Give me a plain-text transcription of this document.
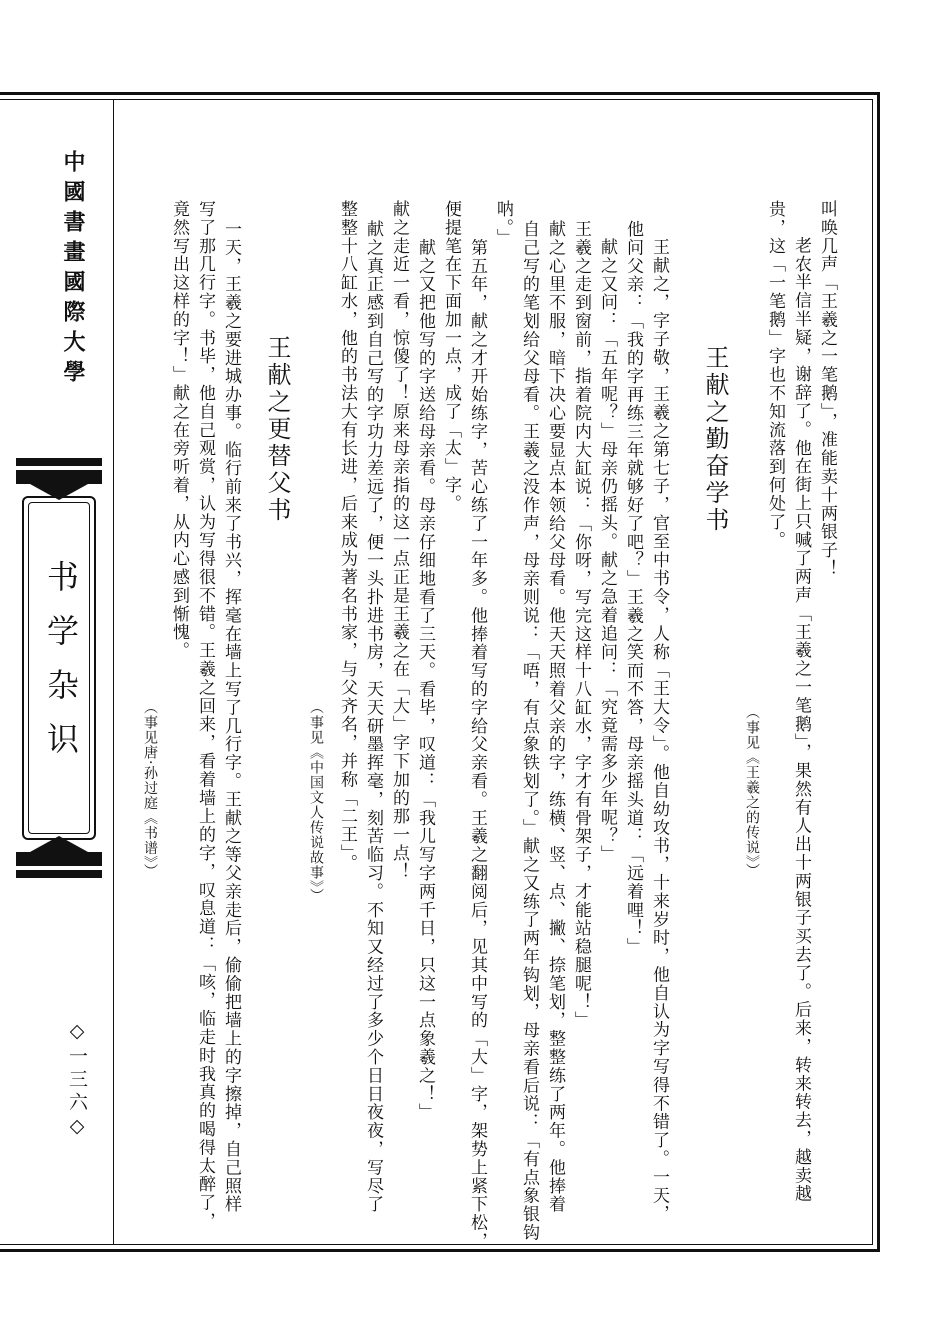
中國書畫國際大學
书学杂识
◇一三六◇
叫唤几声「王羲之一笔鹅」，准能卖十两银子！
　老农半信半疑，谢辞了。他在街上只喊了两声「王羲之一笔鹅」，果然有人出十两银子买去了。后来，转来转去，越卖越
贵，这「一笔鹅」字也不知流落到何处了。
（事见《王羲之的传说》）
王献之勤奋学书
王献之，字子敬，王羲之第七子，官至中书令，人称「王大令」。他自幼攻书，十来岁时，他自认为字写得不错了。一天，
他问父亲：「我的字再练三年就够好了吧？」王羲之笑而不答，母亲摇头道：「远着哩！」
献之又问：「五年呢？」母亲仍摇头。献之急着追问：「究竟需多少年呢？」
王羲之走到窗前，指着院内大缸说：「你呀，写完这样十八缸水，字才有骨架子，才能站稳腿呢！」
献之心里不服，暗下决心要显点本领给父母看。他天天照着父亲的字，练横、竖、点、撇、捺笔划，整整练了两年。他捧着
自己写的笔划给父母看。王羲之没作声，母亲则说：「唔，有点象铁划了。」献之又练了两年钩划，母亲看后说：「有点象银钩
呐。」
　第五年，献之才开始练字，苦心练了一年多。他捧着写的字给父亲看。王羲之翻阅后，见其中写的「大」字，架势上紧下松，
便提笔在下面加一点，成了「太」字。
　献之又把他写的字送给母亲看。母亲仔细地看了三天。看毕，叹道：「我儿写字两千日，只这一点象羲之！」
献之走近一看，惊傻了！原来母亲指的这一点正是王羲之在「大」字下加的那一点！
献之真正感到自己写的字功力差远了，便一头扑进书房，天天研墨挥毫，刻苦临习。不知又经过了多少个日日夜夜，写尽了
整整十八缸水，他的书法大有长进，后来成为著名书家，与父齐名，并称「二王」。
（事见《中国文人传说故事》）
王献之更替父书
一天，王羲之要进城办事。临行前来了书兴，挥毫在墙上写了几行字。王献之等父亲走后，偷偷把墙上的字擦掉，自己照样
写了那几行字。书毕，他自己观赏，认为写得很不错。王羲之回来，看着墙上的字，叹息道：「咳，临走时我真的喝得太醉了，
竟然写出这样的字！」献之在旁听着，从内心感到惭愧。
（事见唐·孙过庭《书谱》）
